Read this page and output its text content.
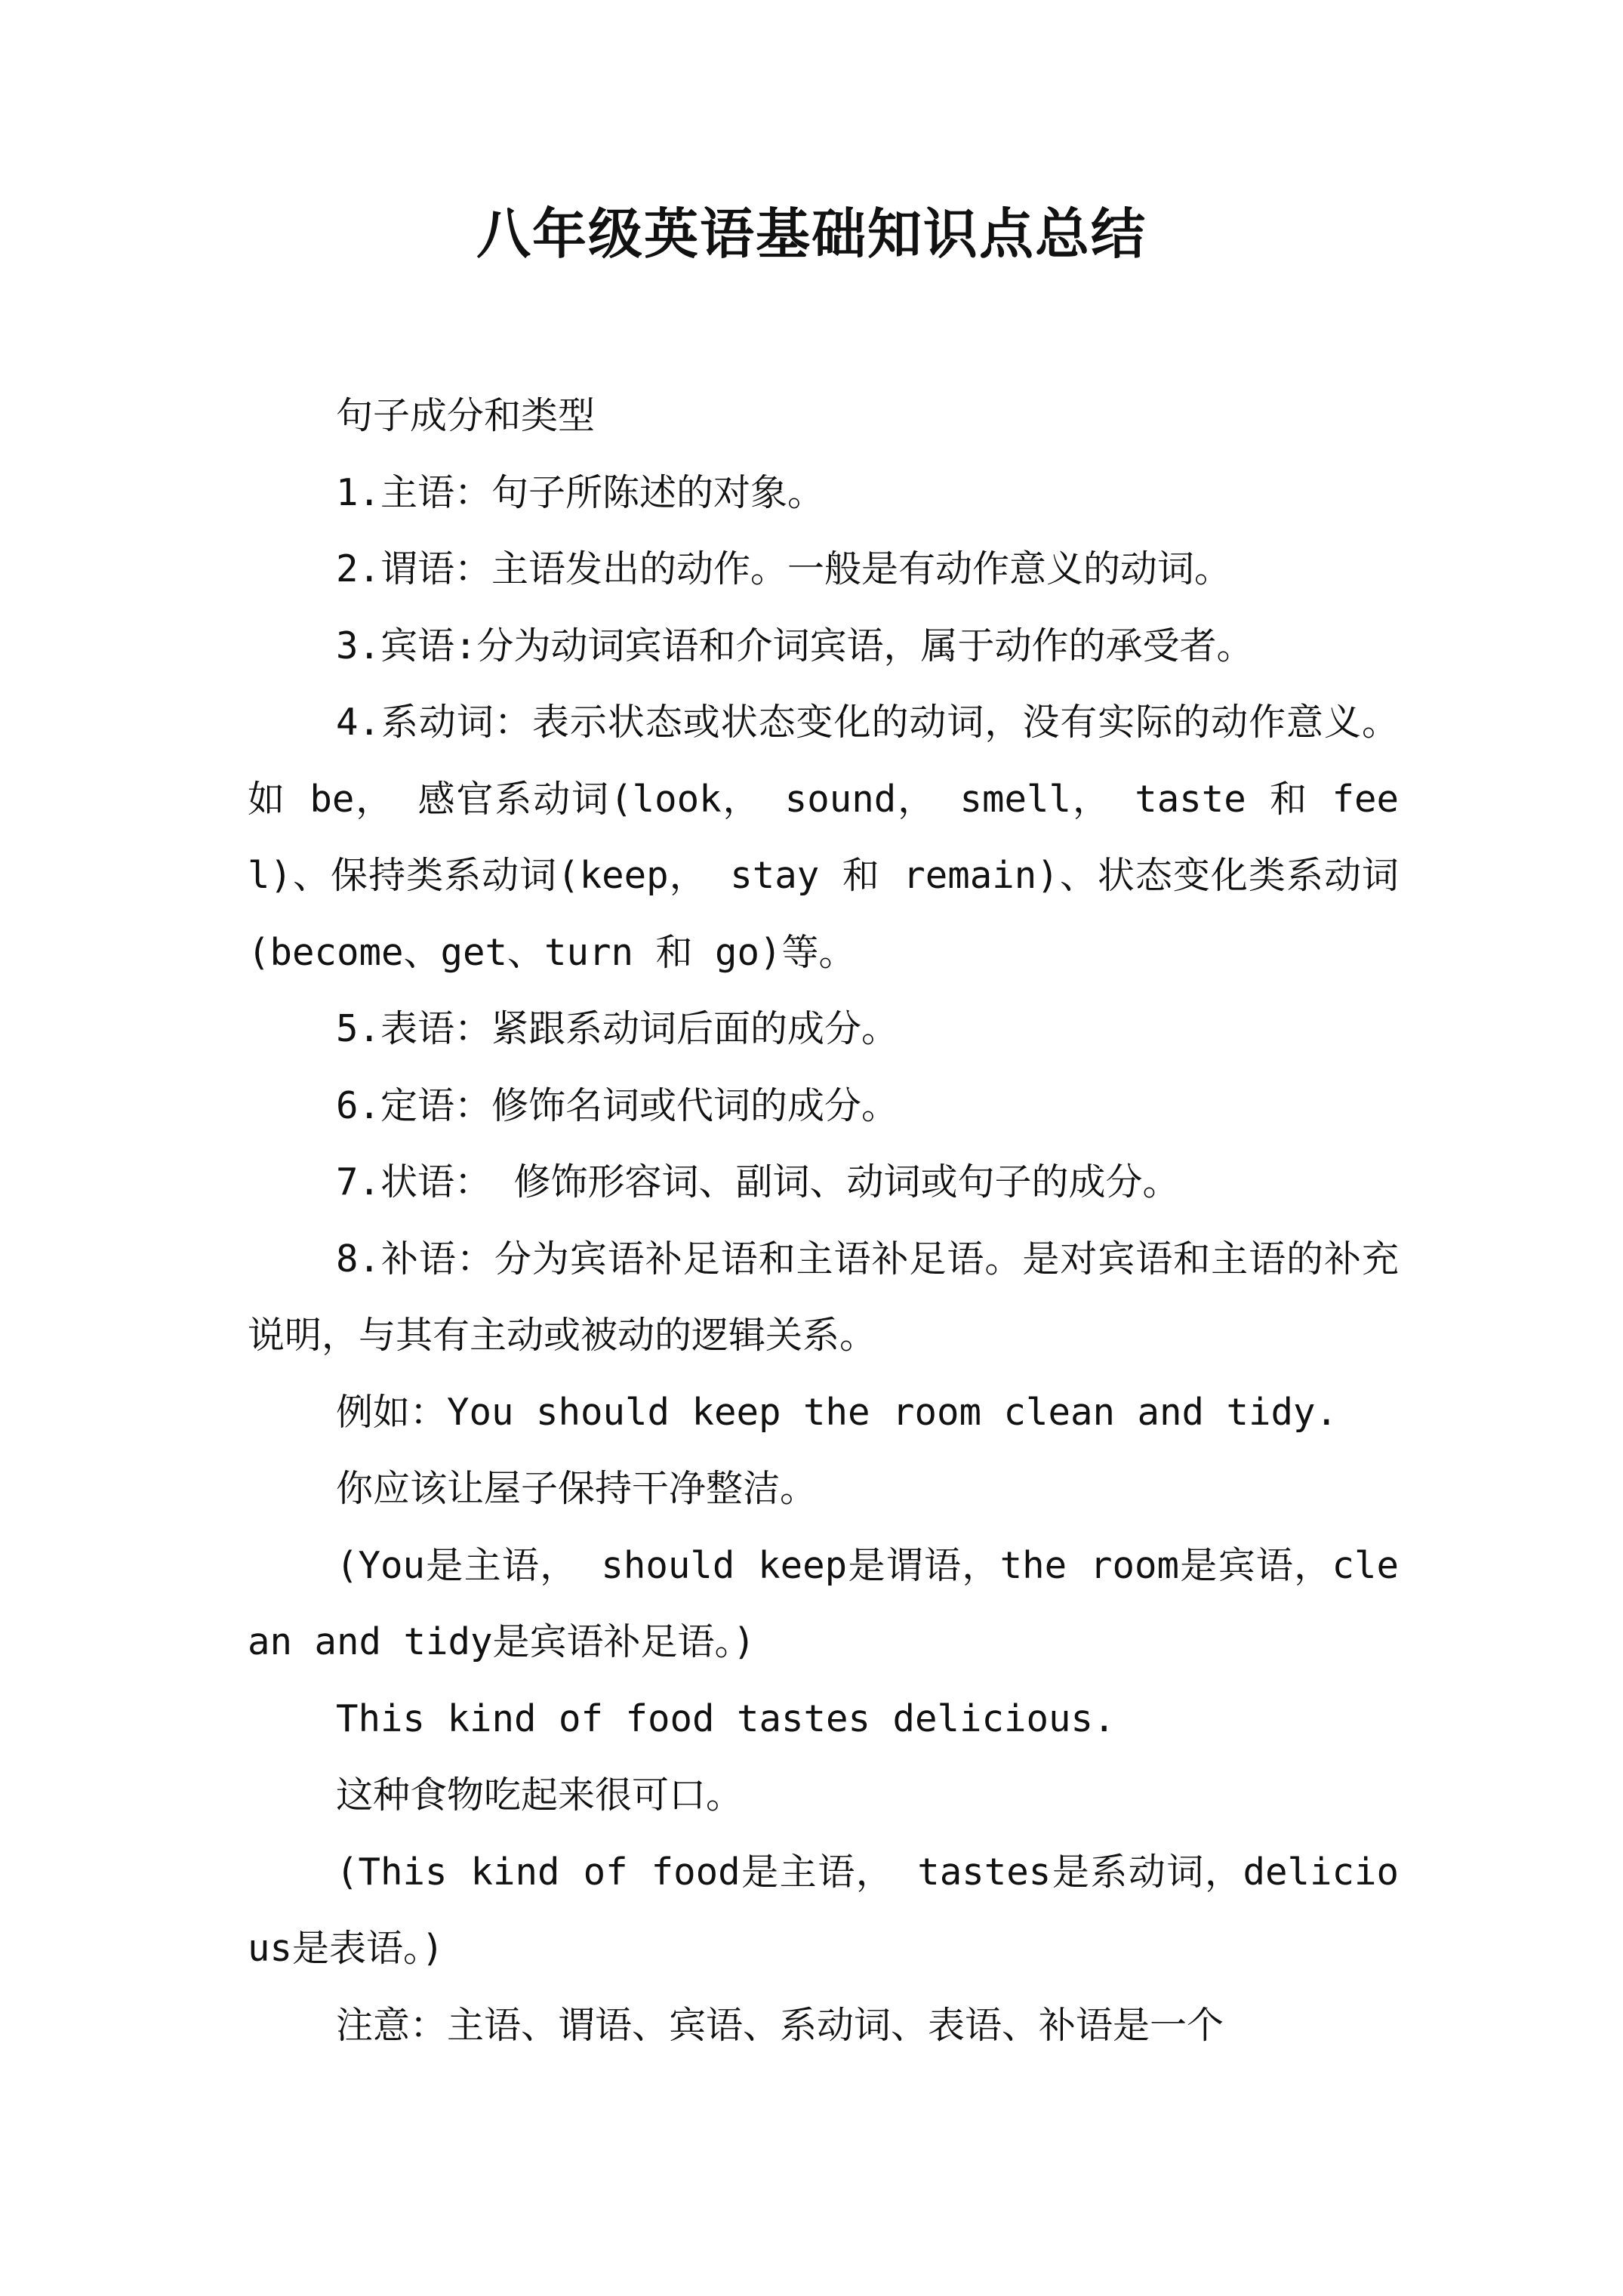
八年级英语基础知识点总结

句子成分和类型

1.主语：句子所陈述的对象。

2.谓语：主语发出的动作。一般是有动作意义的动词。

3.宾语:分为动词宾语和介词宾语，属于动作的承受者。

4.系动词：表示状态或状态变化的动词，没有实际的动作意义。如 be， 感官系动词(look， sound， smell， taste 和 feel)、保持类系动词(keep， stay 和 remain)、状态变化类系动词(become、get、turn 和 go)等。

5.表语：紧跟系动词后面的成分。

6.定语：修饰名词或代词的成分。

7.状语： 修饰形容词、副词、动词或句子的成分。

8.补语：分为宾语补足语和主语补足语。是对宾语和主语的补充说明，与其有主动或被动的逻辑关系。

例如：You should keep the room clean and tidy.

你应该让屋子保持干净整洁。

(You是主语， should keep是谓语，the room是宾语，clean and tidy是宾语补足语。)

This kind of food tastes delicious.

这种食物吃起来很可口。

(This kind of food是主语， tastes是系动词，delicious是表语。)

注意：主语、谓语、宾语、系动词、表语、补语是一个
